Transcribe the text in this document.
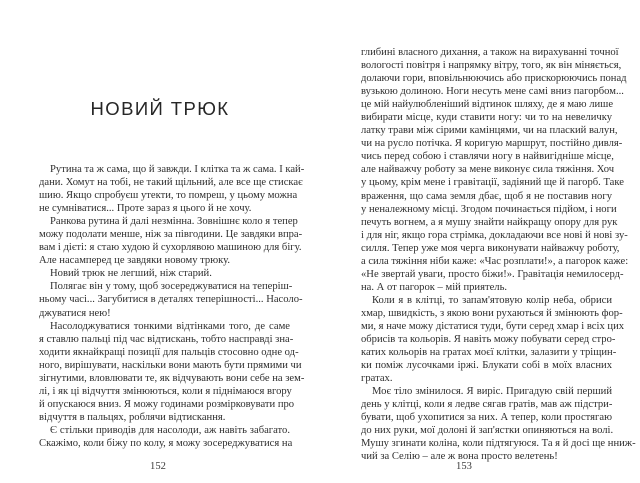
НОВИЙ ТРЮК
Рутина та ж сама, що й завжди. І клітка та ж сама. І кай-
дани. Хомут на тобі, не такий щільний, але все ще стискає
шию. Якщо спробуєш утекти, то помреш, у цьому можна
не сумніватися... Проте зараз я цього й не хочу.
Ранкова рутина й далі незмінна. Зовнішнє коло я тепер
можу подолати менше, ніж за півгодини. Це завдяки впра-
вам і дієті: я стаю худою й сухорлявою машиною для бігу.
Але насамперед це завдяки новому трюку.
Новий трюк не легший, ніж старий.
Полягає він у тому, щоб зосереджуватися на теперіш-
ньому часі... Загубитися в деталях теперішності... Насоло-
джуватися нею!
Насолоджуватися тонкими відтінками того, де саме
я ставлю пальці під час відтискань, тобто насправді зна-
ходити якнайкращі позиції для пальців стосовно одне од-
ного, вирішувати, наскільки вони мають бути прямими чи
зігнутими, вловлювати те, як відчувають вони себе на зем-
лі, і як ці відчуття змінюються, коли я піднімаюся вгору
й опускаюся вниз. Я можу годинами розмірковувати про
відчуття в пальцях, роблячи відтискання.
Є стільки приводів для насолоди, аж навіть забагато.
Скажімо, коли біжу по колу, я можу зосереджуватися на
152
глибині власного дихання, а також на вирахуванні точної
вологості повітря і напрямку вітру, того, як він міняється,
долаючи гори, вповільнюючись або прискорюючись понад
вузькою долиною. Ноги несуть мене самі вниз пагорбом...
це мій найулюбленіший відтинок шляху, де я маю лише
вибирати місце, куди ставити ногу: чи то на невеличку
латку трави між сірими камінцями, чи на плаский валун,
чи на русло потічка. Я коригую маршрут, постійно дивля-
чись перед собою і ставлячи ногу в найвигідніше місце,
але найважчу роботу за мене виконує сила тяжіння. Хоч
у цьому, крім мене і гравітації, задіяний ще й пагорб. Таке
враження, що сама земля дбає, щоб я не поставив ногу
у неналежному місці. Згодом починається підйом, і ноги
печуть вогнем, а я мушу знайти найкращу опору для рук
і для ніг, якщо гора стрімка, докладаючи все нові й нові зу-
силля. Тепер уже моя черга виконувати найважчу роботу,
а сила тяжіння ніби каже: «Час розплати!», а пагорок каже:
«Не звертай уваги, просто біжи!». Гравітація немилосерд-
на. А от пагорок – мій приятель.
Коли я в клітці, то запам'ятовую колір неба, обриси
хмар, швидкість, з якою вони рухаються й змінюють фор-
ми, я наче можу дістатися туди, бути серед хмар і всіх цих
обрисів та кольорів. Я навіть можу побувати серед стро-
катих кольорів на гратах моєї клітки, залазити у тріщин-
ки поміж лусочками іржі. Блукати собі в моїх власних
гратах.
Моє тіло змінилося. Я виріс. Пригадую свій перший
день у клітці, коли я ледве сягав гратів, мав аж підстри-
бувати, щоб ухопитися за них. А тепер, коли простягаю
до них руки, мої долоні й зап'ястки опиняються на волі.
Мушу згинати коліна, коли підтягуюся. Та я й досі ще нниж-
чий за Селію – але ж вона просто велетень!
153
